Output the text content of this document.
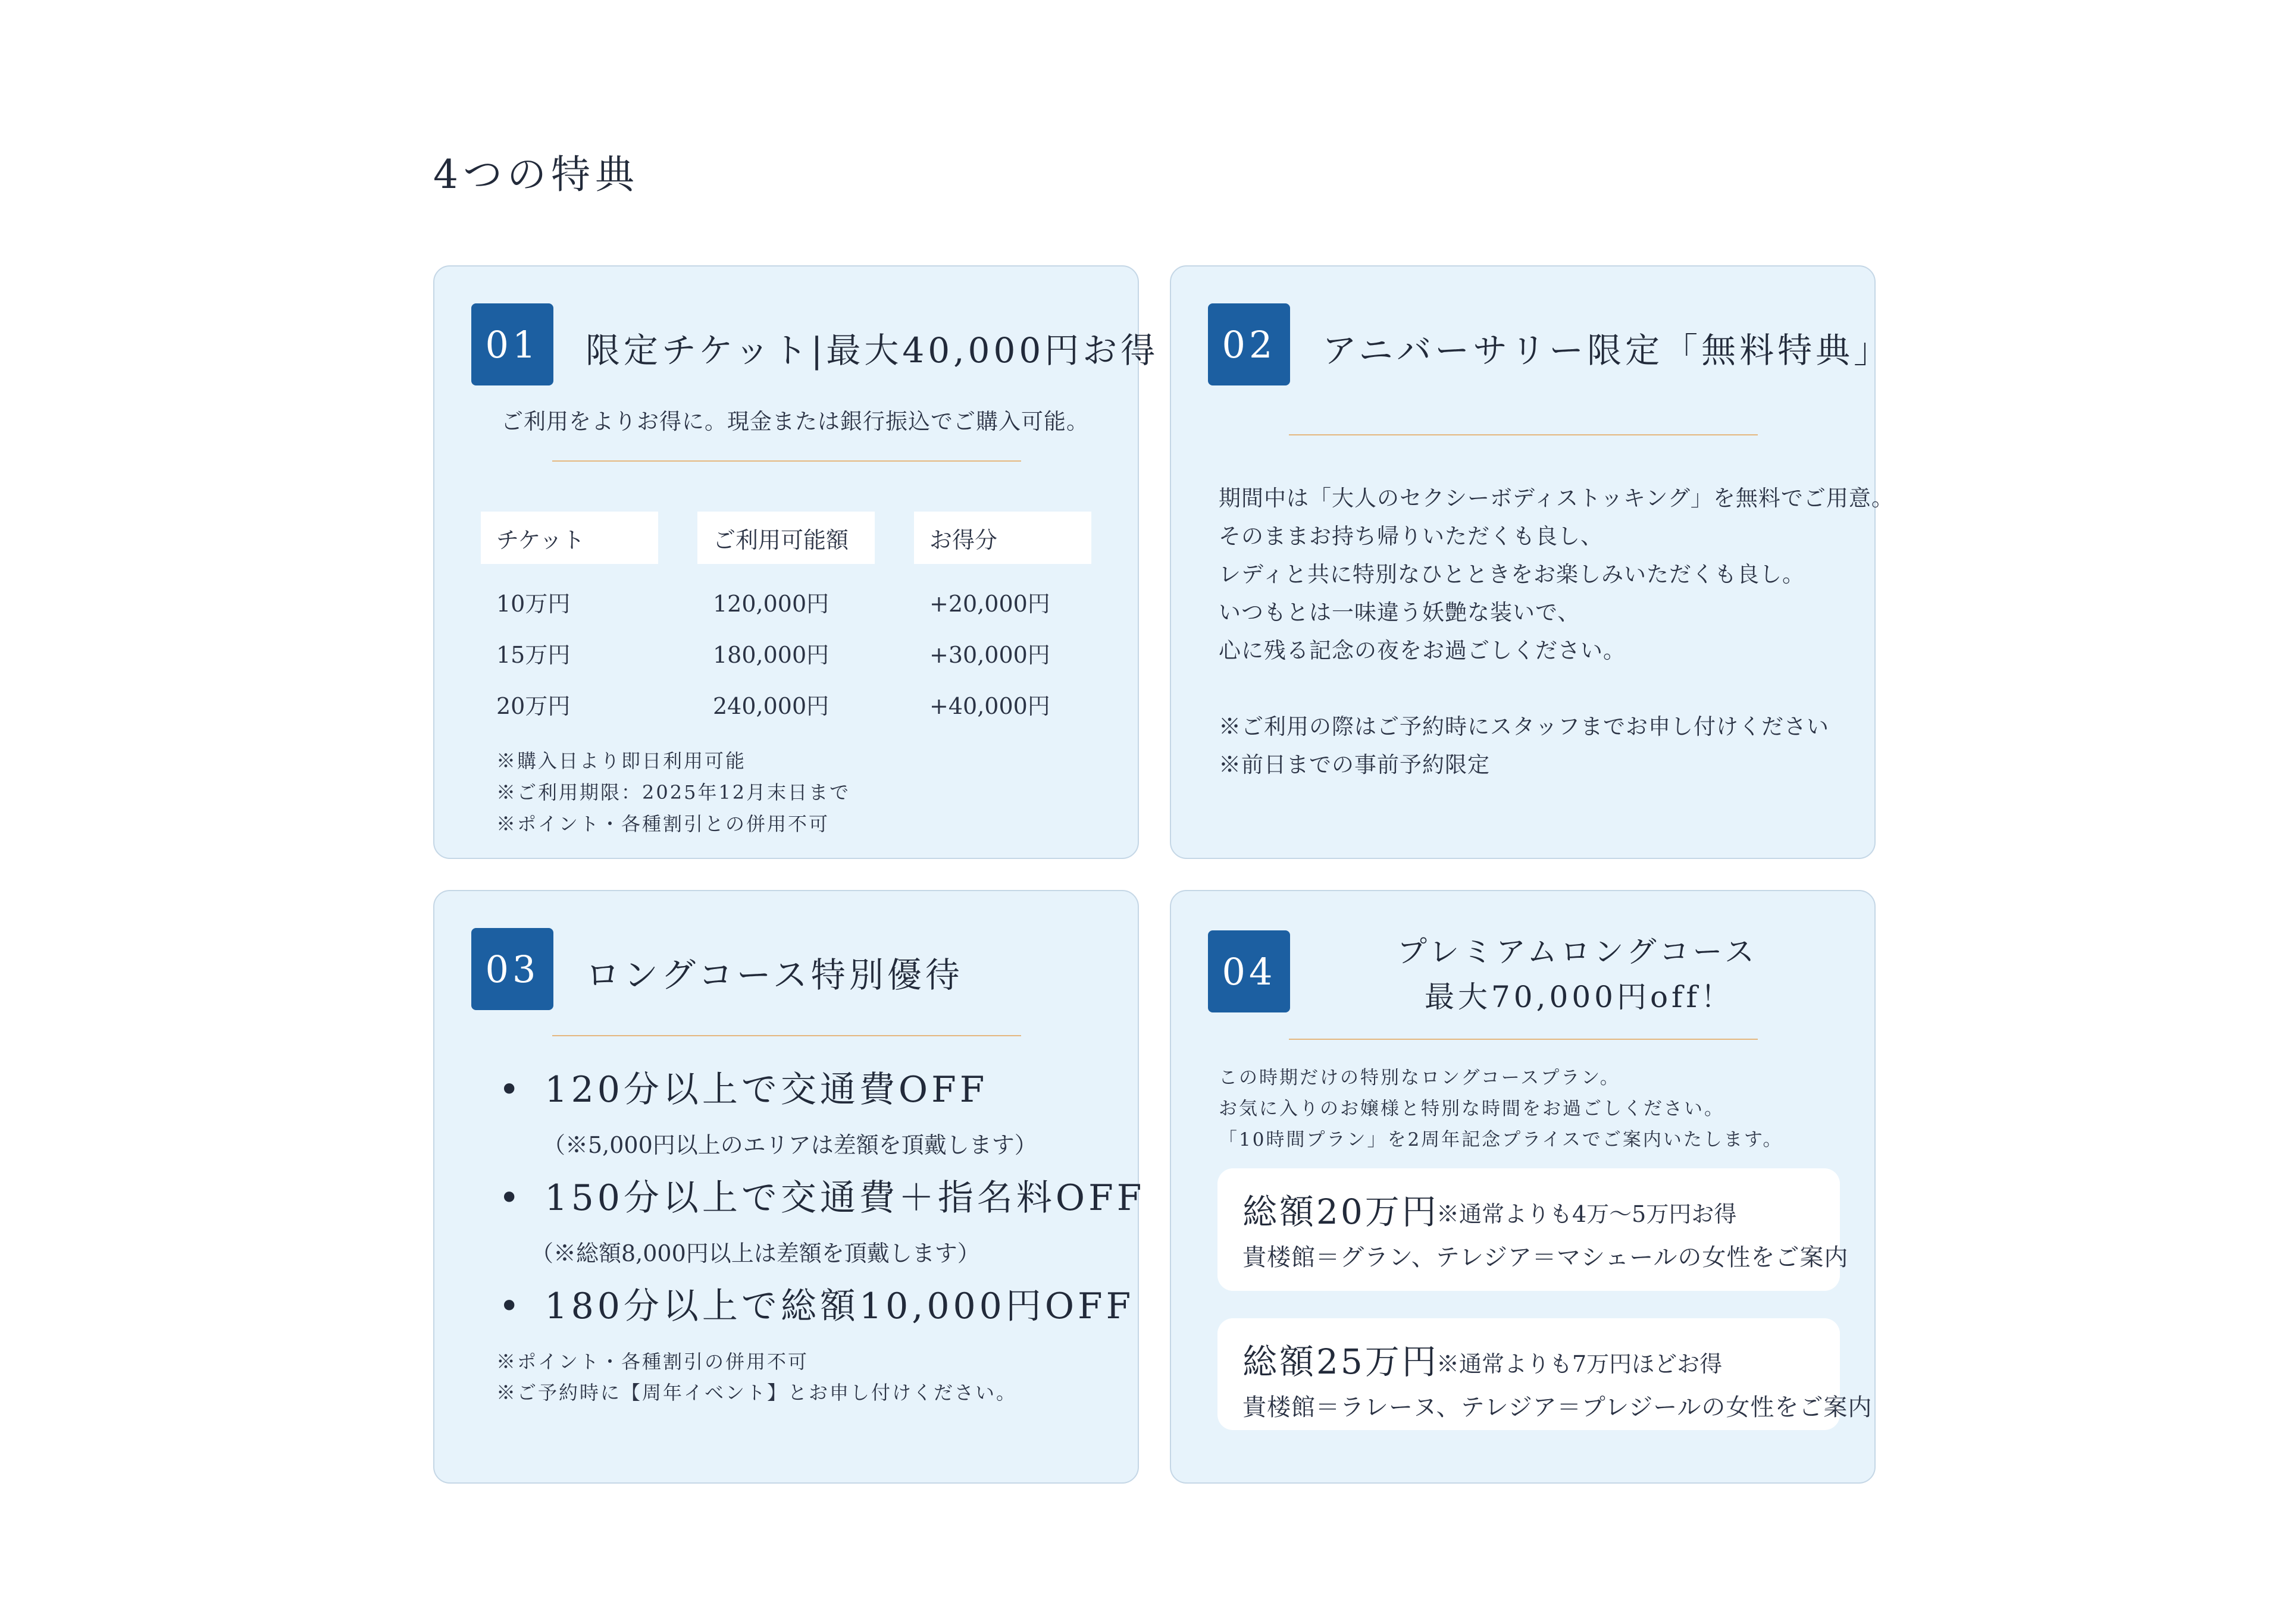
4つの特典
01	限定チケット|最大40,000円お得
ご利用をよりお得に。現金または銀行振込でご購入可能。
チケット	ご利用可能額	お得分
10万円	120,000円	+20,000円
15万円	180,000円	+30,000円
20万円	240,000円	+40,000円
※購入日より即日利用可能
※ご利用期限：2025年12月末日まで
※ポイント・各種割引との併用不可
02	アニバーサリー限定「無料特典」
期間中は「大人のセクシーボディストッキング」を無料でご用意。
そのままお持ち帰りいただくも良し、
レディと共に特別なひとときをお楽しみいただくも良し。
いつもとは一味違う妖艶な装いで、
心に残る記念の夜をお過ごしください。
※ご利用の際はご予約時にスタッフまでお申し付けください
※前日までの事前予約限定
03	ロングコース特別優待
• 120分以上で交通費OFF
（※5,000円以上のエリアは差額を頂戴します）
• 150分以上で交通費＋指名料OFF
（※総額8,000円以上は差額を頂戴します）
• 180分以上で総額10,000円OFF
※ポイント・各種割引の併用不可
※ご予約時に【周年イベント】とお申し付けください。
04	プレミアムロングコース
最大70,000円off！
この時期だけの特別なロングコースプラン。
お気に入りのお嬢様と特別な時間をお過ごしください。
「10時間プラン」を2周年記念プライスでご案内いたします。
総額20万円
※通常よりも4万〜5万円お得
貴楼館＝グラン、テレジア＝マシェールの女性をご案内
総額25万円
※通常よりも7万円ほどお得
貴楼館＝ラレーヌ、テレジア＝プレジールの女性をご案内
